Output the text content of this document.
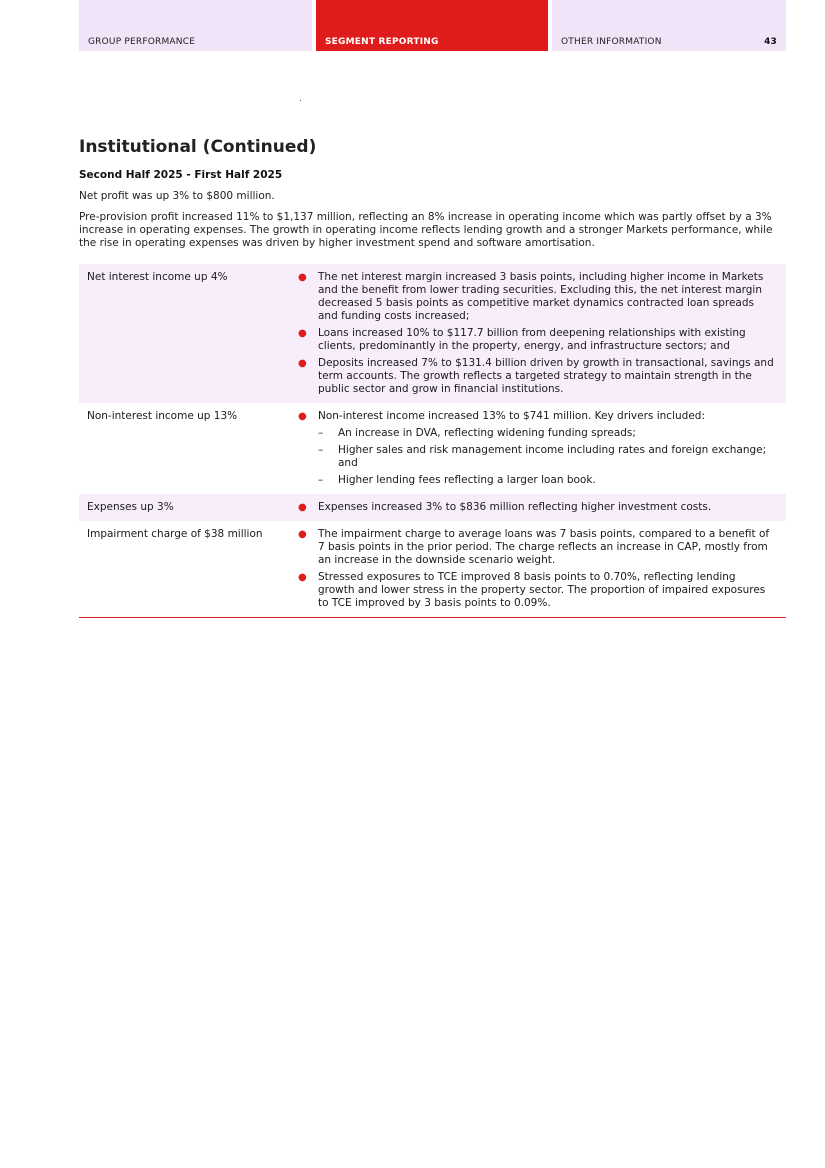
GROUP PERFORMANCE	SEGMENT REPORTING	OTHER INFORMATION	43
Institutional (Continued)
Second Half 2025 - First Half 2025

Net profit was up 3% to $800 million.

Pre-provision profit increased 11% to $1,137 million, reflecting an 8% increase in operating income which was partly offset by a 3% increase in operating expenses. The growth in operating income reflects lending growth and a stronger Markets performance, while the rise in operating expenses was driven by higher investment spend and software amortisation.

Net interest income up 4%	● The net interest margin increased 3 basis points, including higher income in Markets and the benefit from lower trading securities. Excluding this, the net interest margin decreased 5 basis points as competitive market dynamics contracted loan spreads and funding costs increased;
● Loans increased 10% to $117.7 billion from deepening relationships with existing clients, predominantly in the property, energy, and infrastructure sectors; and
● Deposits increased 7% to $131.4 billion driven by growth in transactional, savings and term accounts. The growth reflects a targeted strategy to maintain strength in the public sector and grow in financial institutions.
Non-interest income up 13%	● Non-interest income increased 13% to $741 million. Key drivers included:
– An increase in DVA, reflecting widening funding spreads;
– Higher sales and risk management income including rates and foreign exchange; and
– Higher lending fees reflecting a larger loan book.
Expenses up 3%	● Expenses increased 3% to $836 million reflecting higher investment costs.
Impairment charge of $38 million	● The impairment charge to average loans was 7 basis points, compared to a benefit of 7 basis points in the prior period. The charge reflects an increase in CAP, mostly from an increase in the downside scenario weight.
● Stressed exposures to TCE improved 8 basis points to 0.70%, reflecting lending growth and lower stress in the property sector. The proportion of impaired exposures to TCE improved by 3 basis points to 0.09%.
